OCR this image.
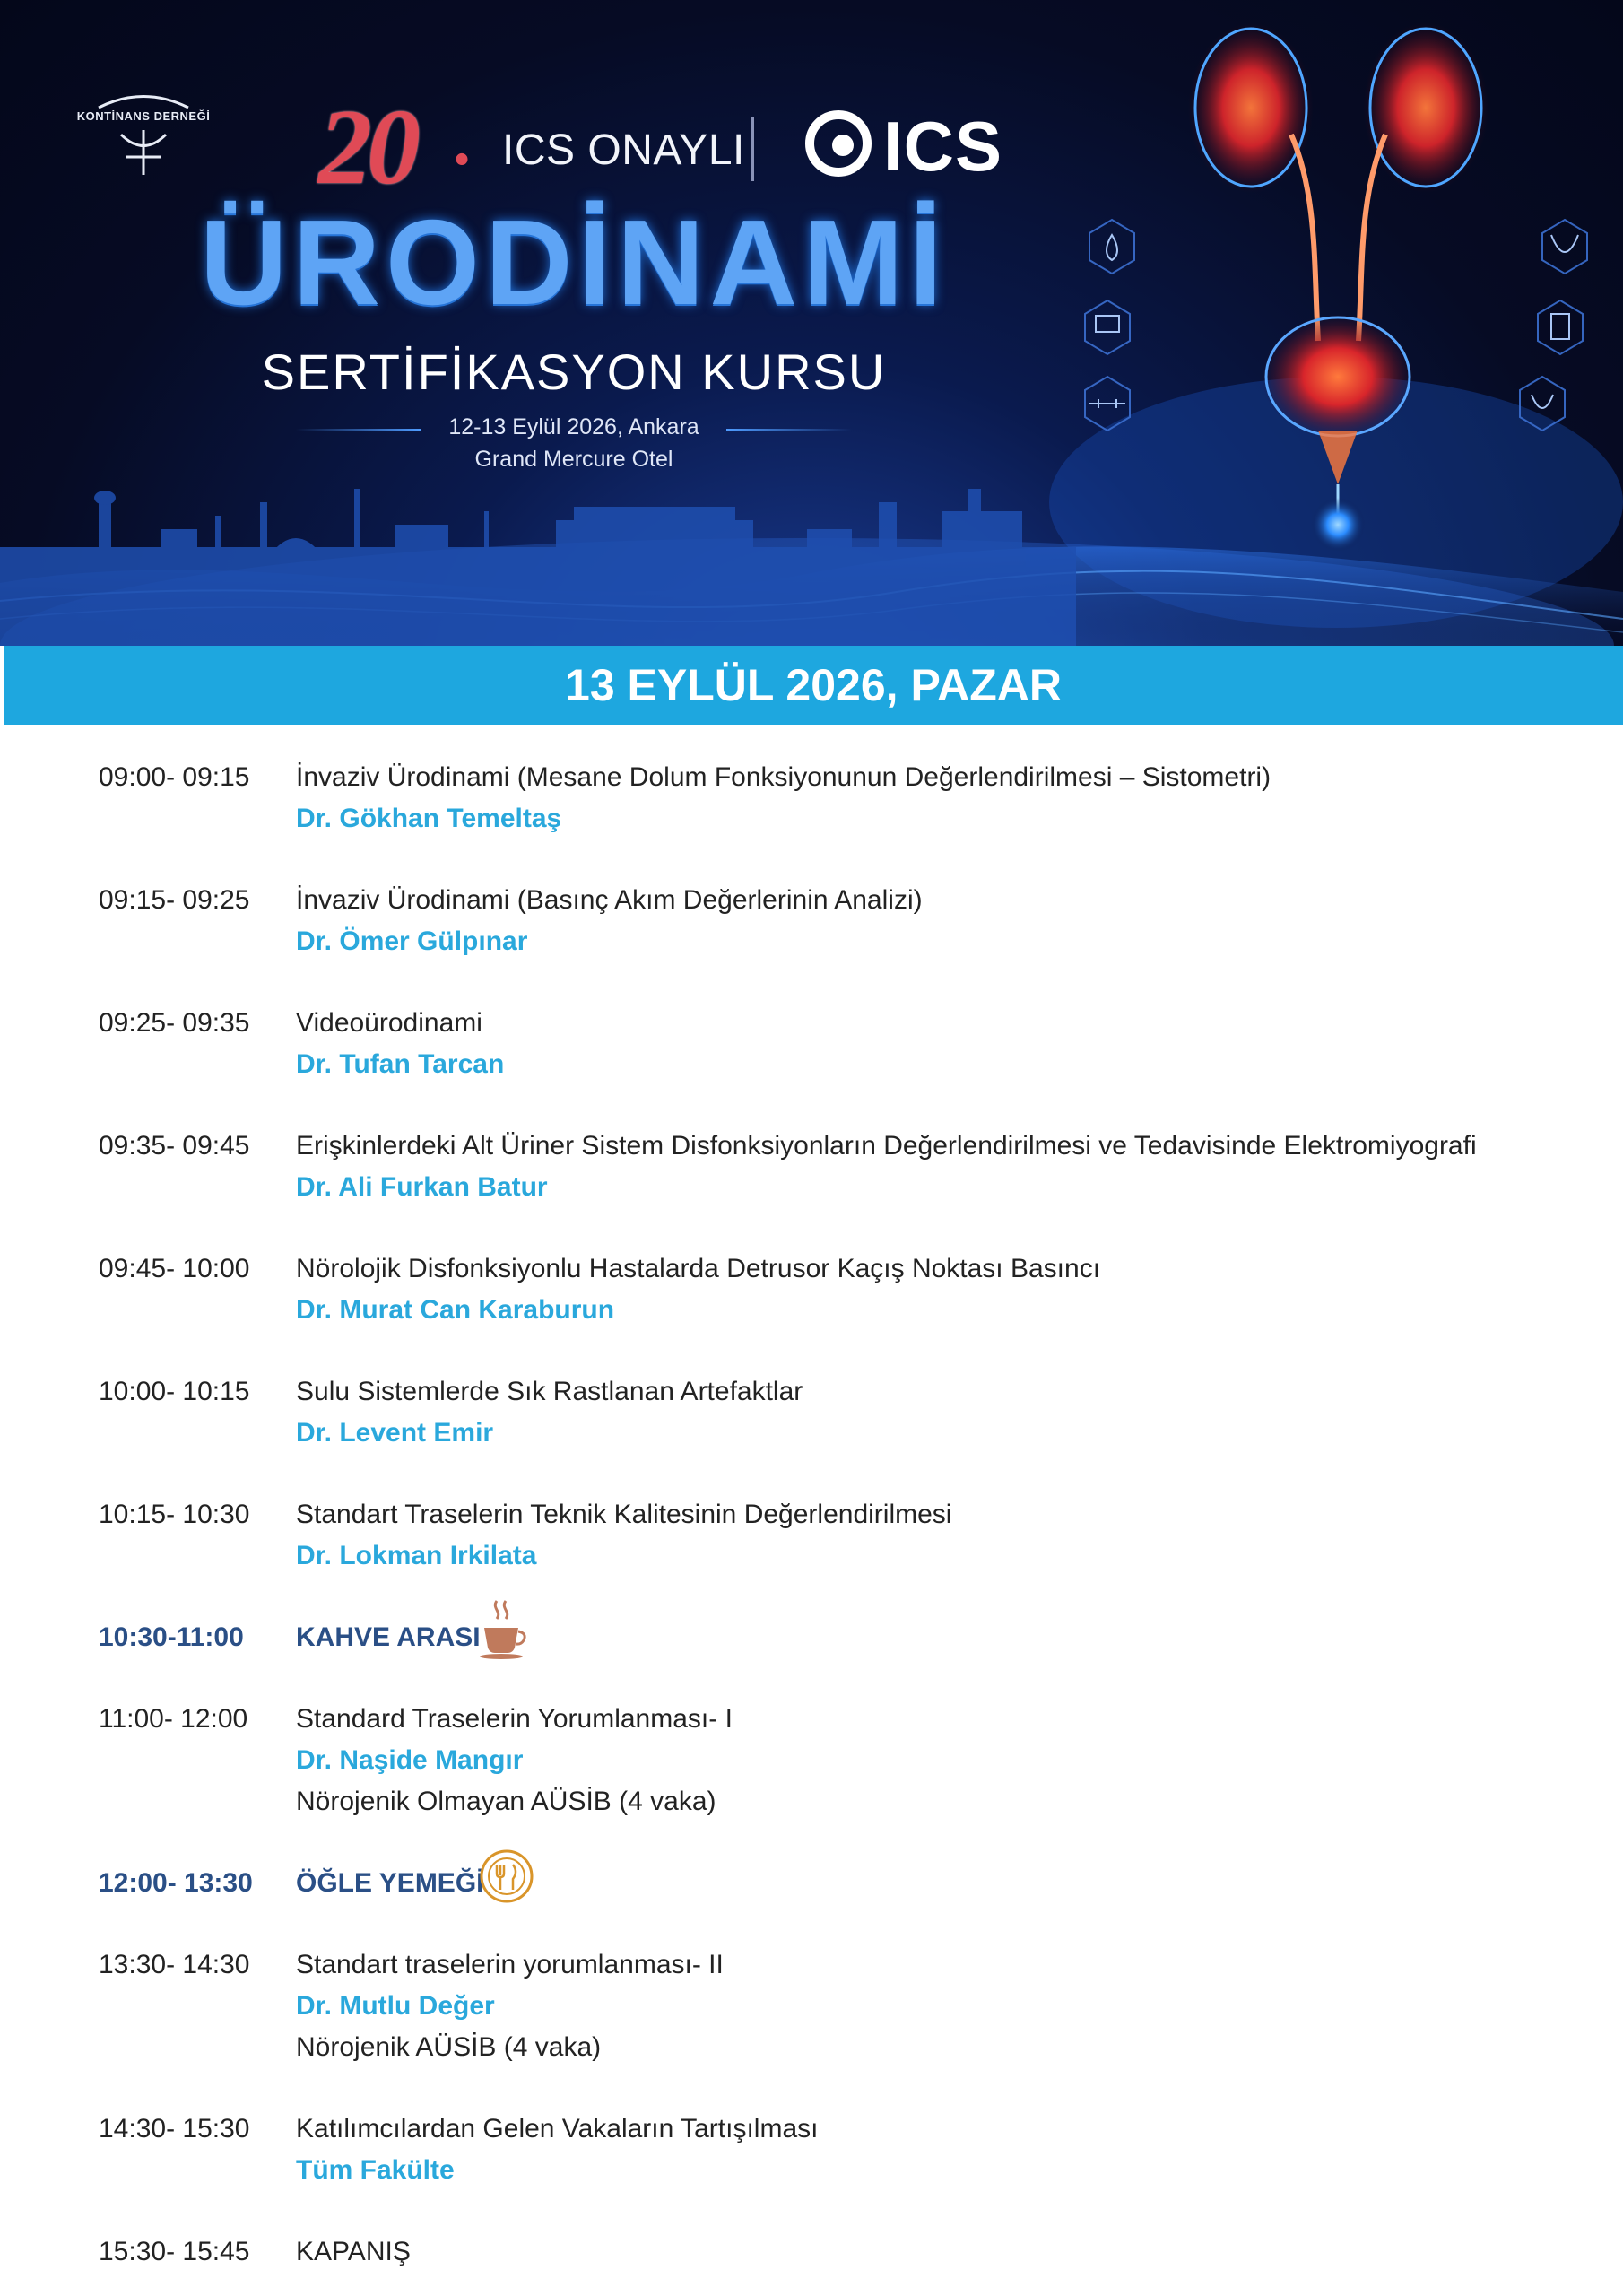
KONTİNANS DERNEĞİ 20 . ICS ONAYLI ICS
ÜRODİNAMİ
SERTİFİKASYON KURSU
12-13 Eylül 2026, Ankara
Grand Mercure Otel
13 EYLÜL 2026, PAZAR
09:00- 09:15 İnvaziv Ürodinami (Mesane Dolum Fonksiyonunun Değerlendirilmesi – Sistometri)
Dr. Gökhan Temeltaş
09:15- 09:25 İnvaziv Ürodinami (Basınç Akım Değerlerinin Analizi)
Dr. Ömer Gülpınar
09:25- 09:35 Videoürodinami
Dr. Tufan Tarcan
09:35- 09:45 Erişkinlerdeki Alt Üriner Sistem Disfonksiyonların Değerlendirilmesi ve Tedavisinde Elektromiyografi
Dr. Ali Furkan Batur
09:45- 10:00 Nörolojik Disfonksiyonlu Hastalarda Detrusor Kaçış Noktası Basıncı
Dr. Murat Can Karaburun
10:00- 10:15 Sulu Sistemlerde Sık Rastlanan Artefaktlar
Dr. Levent Emir
10:15- 10:30 Standart Traselerin Teknik Kalitesinin Değerlendirilmesi
Dr. Lokman Irkilata
10:30-11:00 KAHVE ARASI
11:00- 12:00 Standard Traselerin Yorumlanması- I
Dr. Naşide Mangır
Nörojenik Olmayan AÜSİB (4 vaka)
12:00- 13:30 ÖĞLE YEMEĞİ
13:30- 14:30 Standart traselerin yorumlanması- II
Dr. Mutlu Değer
Nörojenik AÜSİB (4 vaka)
14:30- 15:30 Katılımcılardan Gelen Vakaların Tartışılması
Tüm Fakülte
15:30- 15:45 KAPANIŞ
